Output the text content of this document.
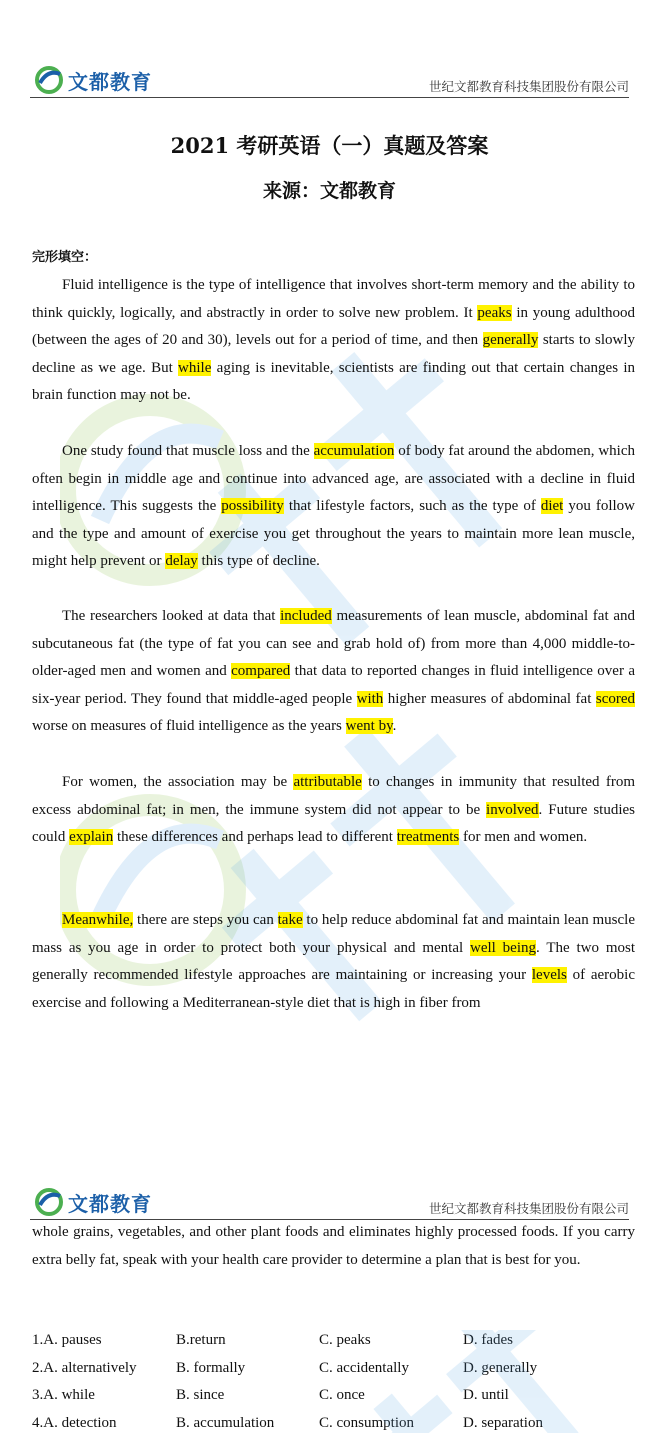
文都教育	世纪文都教育科技集团股份有限公司
2021 考研英语（一）真题及答案
来源：文都教育
完形填空：

Fluid intelligence is the type of intelligence that involves short-term memory and the ability to think quickly, logically, and abstractly in order to solve new problem. It peaks in young adulthood (between the ages of 20 and 30), levels out for a period of time, and then generally starts to slowly decline as we age. But while aging is inevitable, scientists are finding out that certain changes in brain function may not be.

One study found that muscle loss and the accumulation of body fat around the abdomen, which often begin in middle age and continue into advanced age, are associated with a decline in fluid intelligence. This suggests the possibility that lifestyle factors, such as the type of diet you follow and the type and amount of exercise you get throughout the years to maintain more lean muscle, might help prevent or delay this type of decline.

The researchers looked at data that included measurements of lean muscle, abdominal fat and subcutaneous fat (the type of fat you can see and grab hold of) from more than 4,000 middle-to-older-aged men and women and compared that data to reported changes in fluid intelligence over a six-year period. They found that middle-aged people with higher measures of abdominal fat scored worse on measures of fluid intelligence as the years went by.

For women, the association may be attributable to changes in immunity that resulted from excess abdominal fat; in men, the immune system did not appear to be involved. Future studies could explain these differences and perhaps lead to different treatments for men and women.

Meanwhile, there are steps you can take to help reduce abdominal fat and maintain lean muscle mass as you age in order to protect both your physical and mental well being. The two most generally recommended lifestyle approaches are maintaining or increasing your levels of aerobic exercise and following a Mediterranean-style diet that is high in fiber from

文都教育	世纪文都教育科技集团股份有限公司

whole grains, vegetables, and other plant foods and eliminates highly processed foods. If you carry extra belly fat, speak with your health care provider to determine a plan that is best for you.

1.A. pauses	B.return	C. peaks	D. fades
2.A. alternatively	B. formally	C. accidentally	D. generally
3.A. while	B. since	C. once	D. until
4.A. detection	B. accumulation	C. consumption	D. separation
